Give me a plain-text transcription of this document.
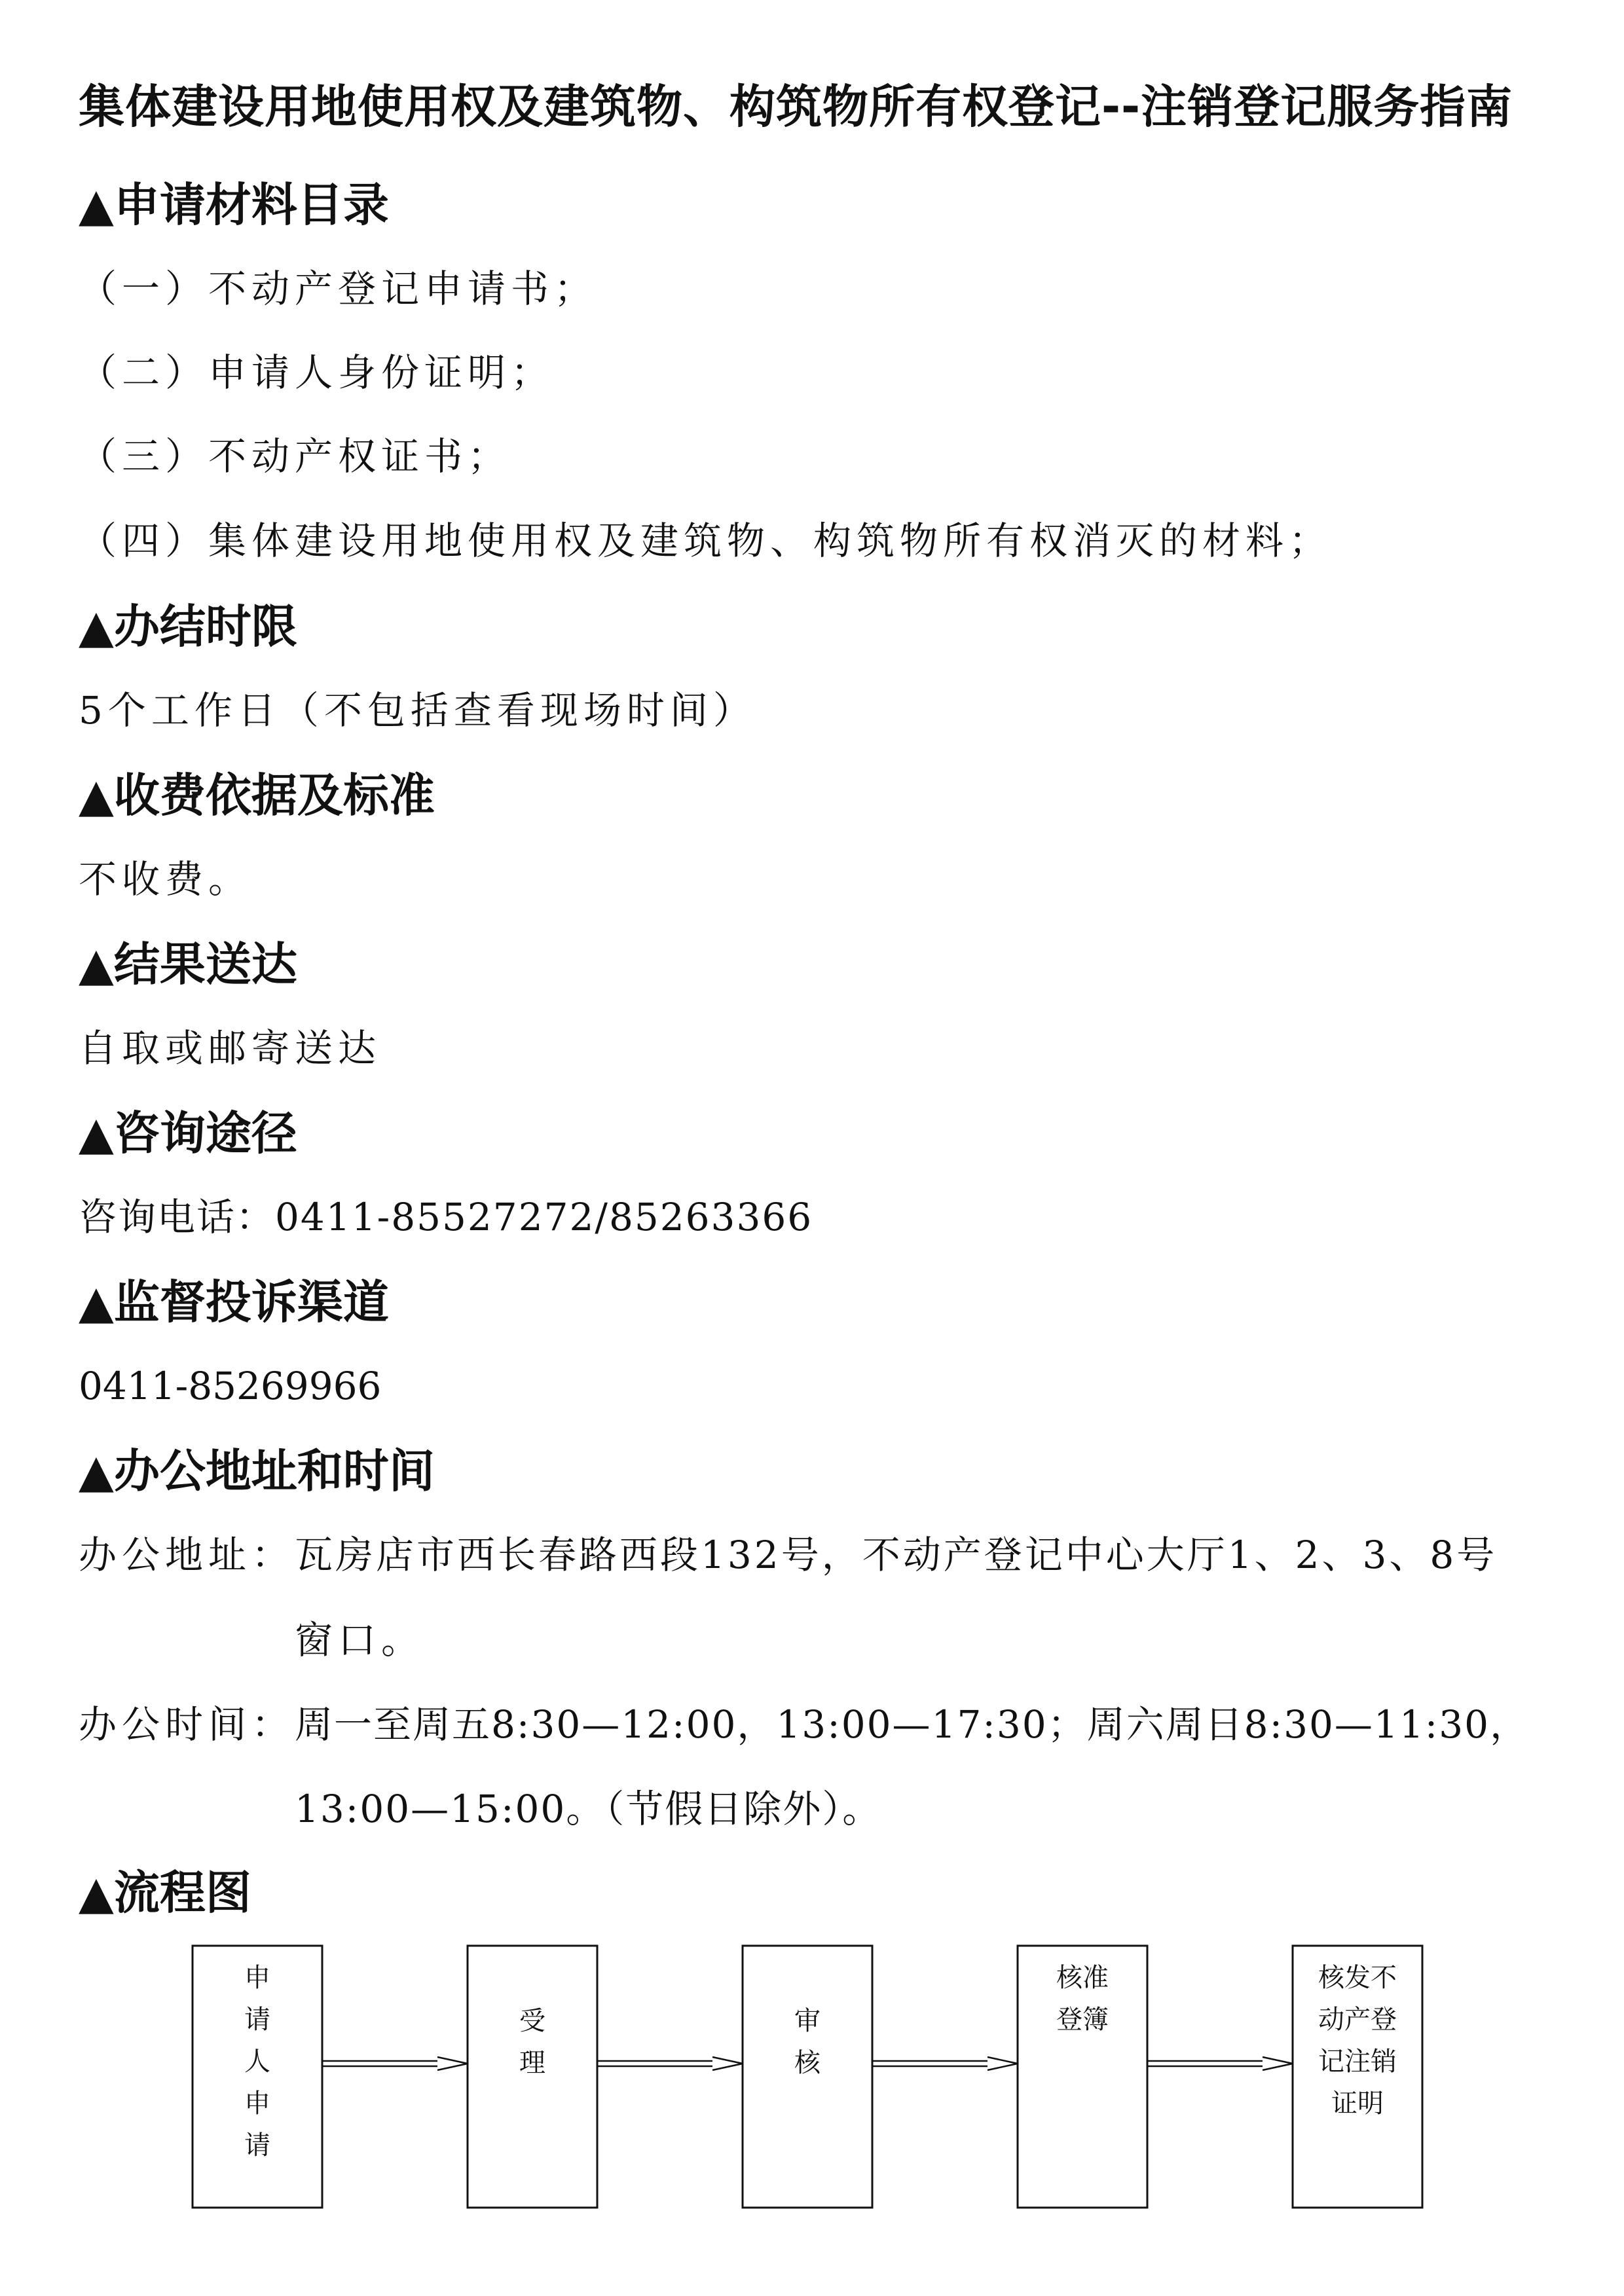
集体建设用地使用权及建筑物、构筑物所有权登记--注销登记服务指南
▲申请材料目录
（一）不动产登记申请书；
（二）申请人身份证明；
（三）不动产权证书；
（四）集体建设用地使用权及建筑物、构筑物所有权消灭的材料；
▲办结时限
5个工作日（不包括查看现场时间）
▲收费依据及标准
不收费。
▲结果送达
自取或邮寄送达
▲咨询途径
咨询电话：0411-85527272/85263366
▲监督投诉渠道
0411-85269966
▲办公地址和时间
办公地址： 瓦房店市西长春路西段132号，不动产登记中心大厅1、2、3、8号
窗口。
办公时间： 周一至周五8:30—12:00，13:00—17:30；周六周日8:30—11:30，
13:00—15:00。（节假日除外）。
▲流程图
申
请
人
申
请
受
理
审
核
核准
登簿
核发不
动产登
记注销
证明
